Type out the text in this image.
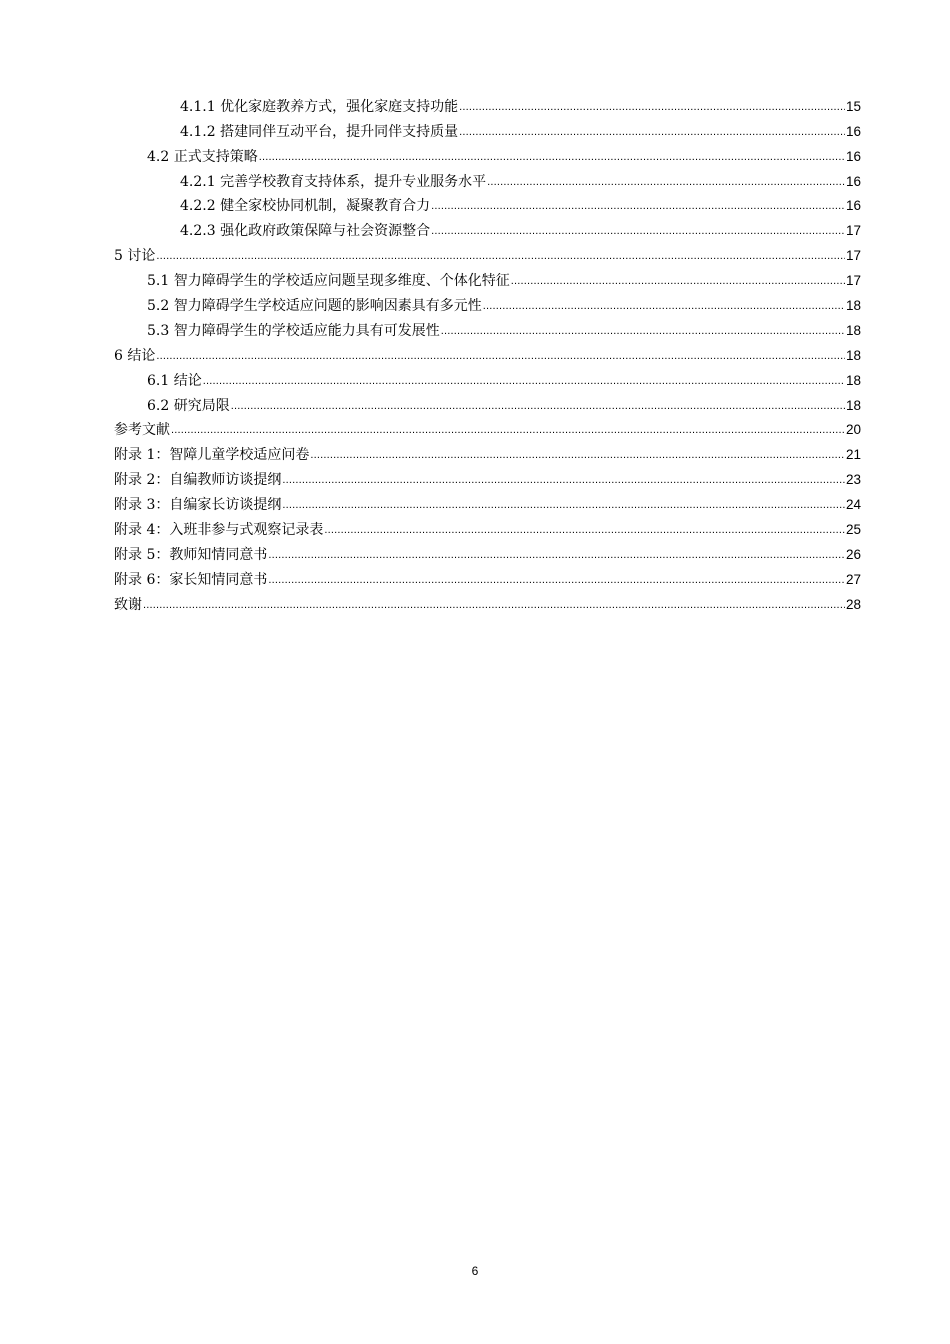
4.1.1 优化家庭教养方式，强化家庭支持功能 .....	15
4.1.2 搭建同伴互动平台，提升同伴支持质量 .....	16
4.2 正式支持策略 .....	16
4.2.1 完善学校教育支持体系，提升专业服务水平 .....	16
4.2.2 健全家校协同机制，凝聚教育合力 .....	16
4.2.3 强化政府政策保障与社会资源整合 .....	17
5 讨论 .....	17
5.1 智力障碍学生的学校适应问题呈现多维度、个体化特征 .....	17
5.2 智力障碍学生学校适应问题的影响因素具有多元性 .....	18
5.3 智力障碍学生的学校适应能力具有可发展性 .....	18
6 结论 .....	18
6.1 结论 .....	18
6.2 研究局限 .....	18
参考文献 .....	20
附录 1：智障儿童学校适应问卷 .....	21
附录 2：自编教师访谈提纲 .....	23
附录 3：自编家长访谈提纲 .....	24
附录 4：入班非参与式观察记录表 .....	25
附录 5：教师知情同意书 .....	26
附录 6：家长知情同意书 .....	27
致谢 .....	28
6
